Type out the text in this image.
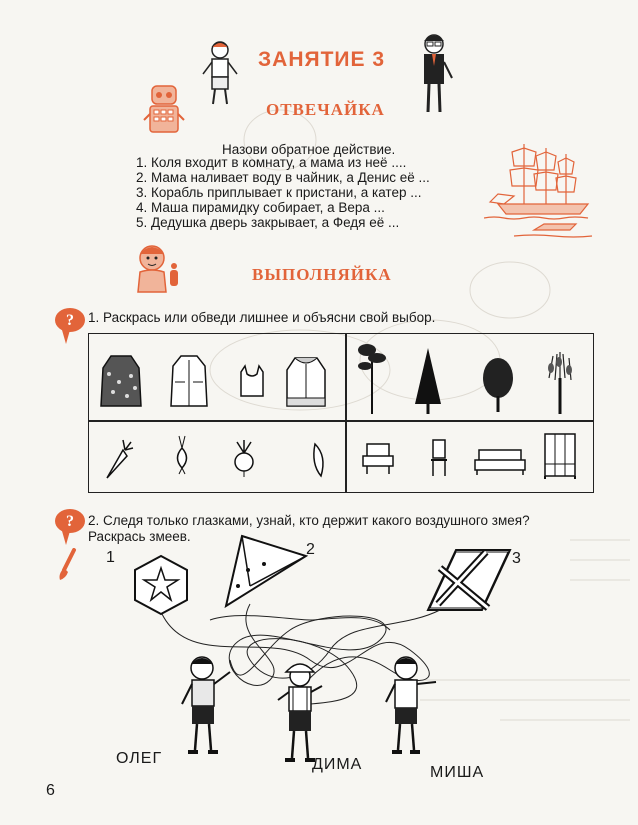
ЗАНЯТИЕ 3
ОТВЕЧАЙКА
Назови обратное действие.
1. Коля входит в комнату, а мама из неё ....
2. Мама наливает воду в чайник, а Денис её ...
3. Корабль приплывает к пристани, а катер ...
4. Маша пирамидку собирает, а Вера ...
5. Дедушка дверь закрывает, а Федя её ...
ВЫПОЛНЯЙКА
? 1. Раскрась или обведи лишнее и объясни свой выбор.
? 2. Следя только глазками, узнай, кто держит какого воздушного змея?
Раскрась змеев.
1	2
3
ОЛЕГ	ДИМА	МИША
6
